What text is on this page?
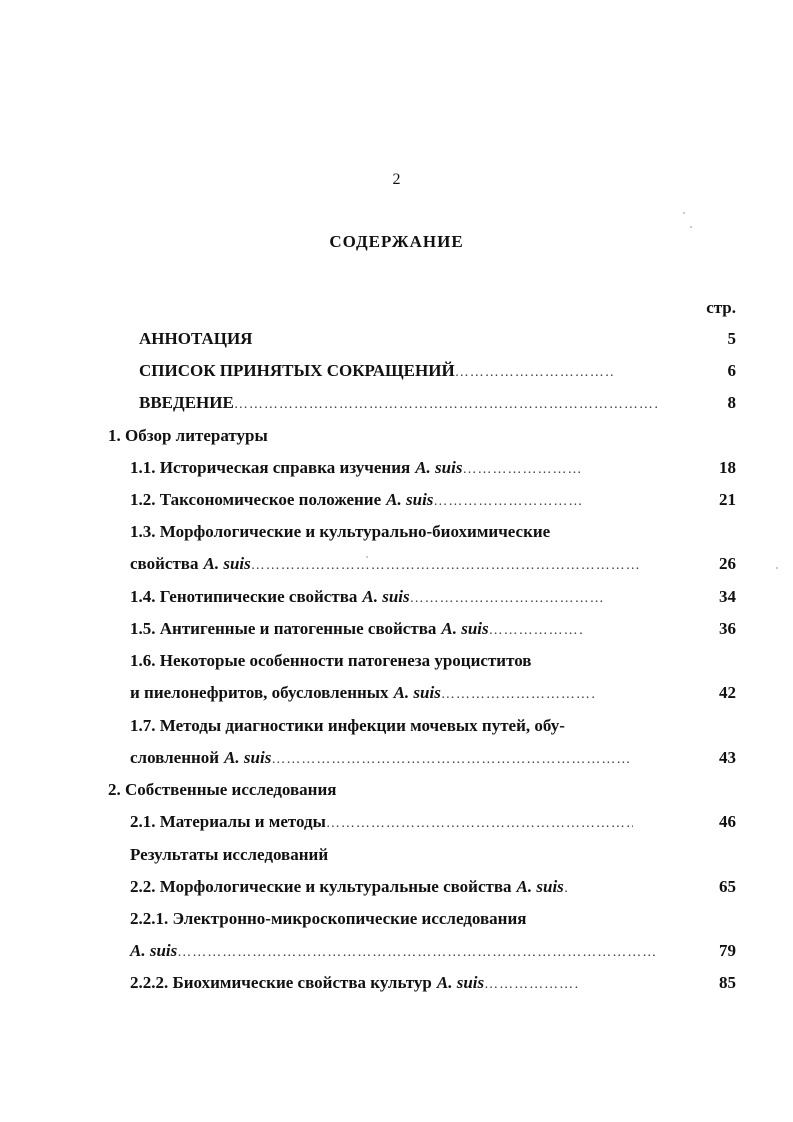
2
СОДЕРЖАНИЕ
стр.
АННОТАЦИЯ	5
СПИСОК ПРИНЯТЫХ СОКРАЩЕНИЙ …………………………………………………………………………………………………………	6
ВВЕДЕНИЕ …………………………………………………………………………………………………………	8
1. Обзор литературы
1.1. Историческая справка изучения A. suis …………………………………………………………………………………………………………	18
1.2. Таксономическое положение A. suis …………………………………………………………………………………………………………	21
1.3. Морфологические и культурально-биохимические
свойства A. suis …………………………………………………………………………………………………………	26
1.4. Генотипические свойства A. suis …………………………………………………………………………………………………………	34
1.5. Антигенные и патогенные свойства A. suis …………………………………………………………………………………………………………	36
1.6. Некоторые особенности патогенеза уроциститов
и пиелонефритов, обусловленных A. suis …………………………………………………………………………………………………………	42
1.7. Методы диагностики инфекции мочевых путей, обу-
словленной A. suis …………………………………………………………………………………………………………	43
2. Собственные исследования
2.1. Материалы и методы …………………………………………………………………………………………………………	46
Результаты исследований
2.2. Морфологические и культуральные свойства A. suis …………………………………………………………………………………………………………	65
2.2.1. Электронно-микроскопические исследования
A. suis …………………………………………………………………………………………………………	79
2.2.2. Биохимические свойства культур A. suis …………………………………………………………………………………………………………	85
